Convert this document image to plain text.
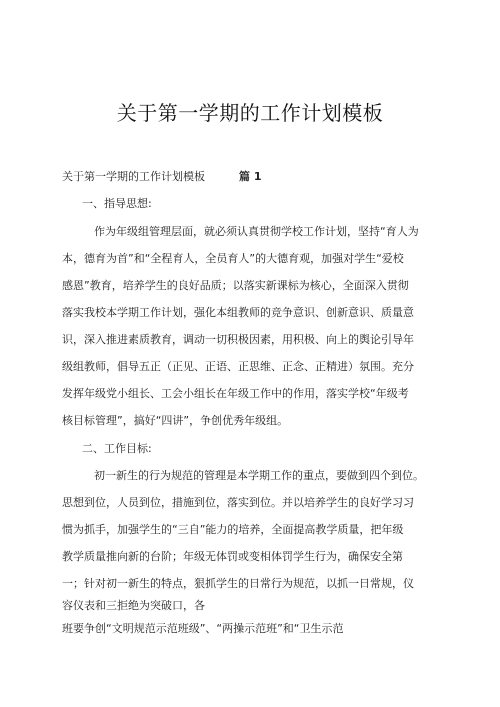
关于第一学期的工作计划模板
关于第一学期的工作计划模板	篇 1
一、指导思想:
作为年级组管理层面，就必须认真贯彻学校工作计划，坚持“育人为
本，德育为首”和“全程育人，全员育人”的大德育观，加强对学生“爱校
感恩”教育，培养学生的良好品质；以落实新课标为核心，全面深入贯彻
落实我校本学期工作计划，强化本组教师的竞争意识、创新意识、质量意
识，深入推进素质教育，调动一切积极因素，用积极、向上的舆论引导年
级组教师，倡导五正（正见、正语、正思维、正念、正精进）氛围。充分
发挥年级党小组长、工会小组长在年级工作中的作用，落实学校“年级考
核目标管理”，搞好“四讲”，争创优秀年级组。
二、工作目标:
初一新生的行为规范的管理是本学期工作的重点，要做到四个到位。
思想到位，人员到位，措施到位，落实到位。并以培养学生的良好学习习
惯为抓手，加强学生的“三自”能力的培养，全面提高教学质量，把年级
教学质量推向新的台阶；年级无体罚或变相体罚学生行为，确保安全第
一；针对初一新生的特点，狠抓学生的日常行为规范，以抓一日常规，仪
容仪表和三拒绝为突破口，各
班要争创“文明规范示范班级”、“两操示范班”和“卫生示范
